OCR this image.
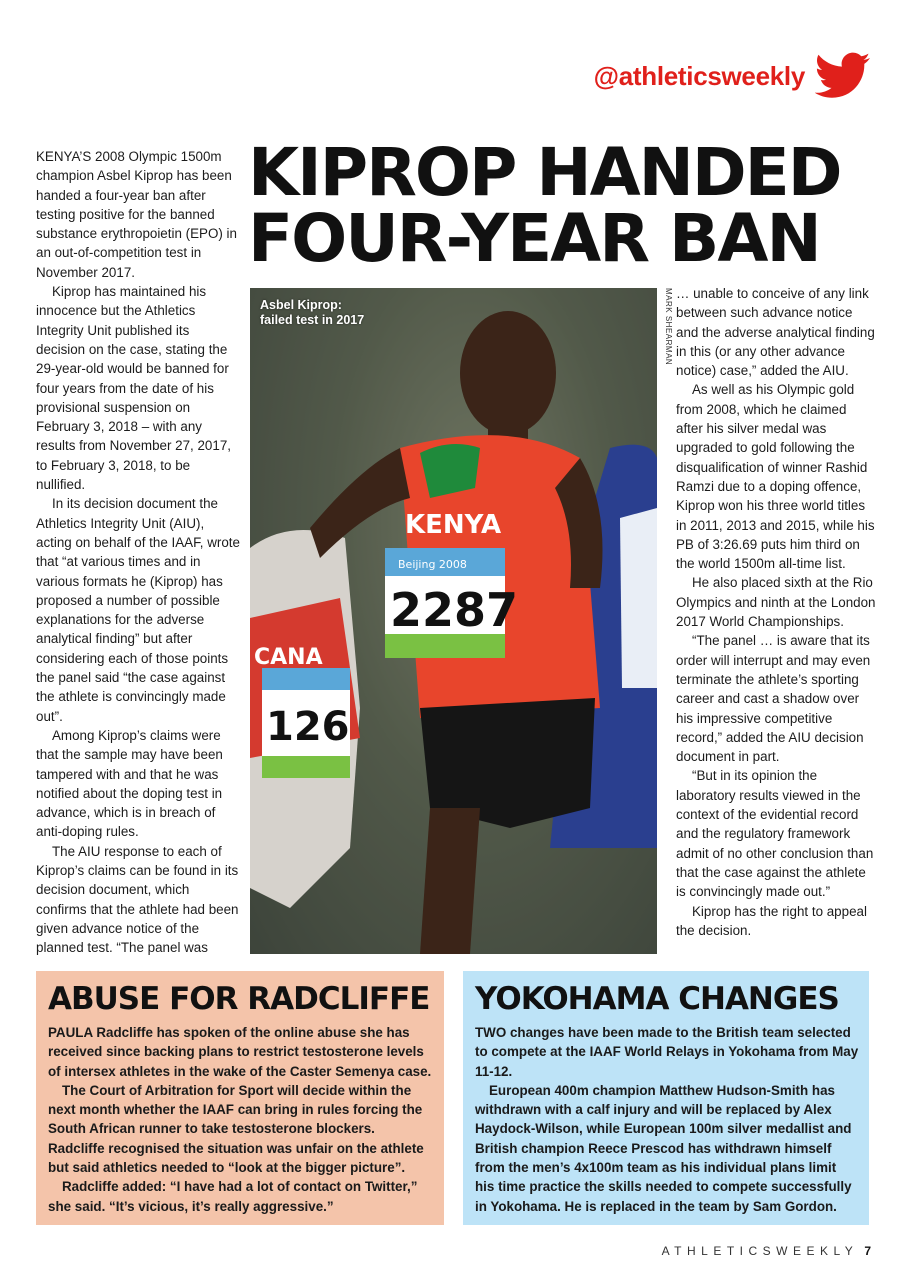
@athleticsweekly
KIPROP HANDED
FOUR-YEAR BAN

KENYA’S 2008 Olympic 1500m champion Asbel Kiprop has been handed a four-year ban after testing positive for the banned substance erythropoietin (EPO) in an out-of-competition test in November 2017.

Kiprop has maintained his innocence but the Athletics Integrity Unit published its decision on the case, stating the 29-year-old would be banned for four years from the date of his provisional suspension on February 3, 2018 – with any results from November 27, 2017, to February 3, 2018, to be nullified.

In its decision document the Athletics Integrity Unit (AIU), acting on behalf of the IAAF, wrote that “at various times and in various formats he (Kiprop) has proposed a number of possible explanations for the adverse analytical finding” but after considering each of those points the panel said “the case against the athlete is convincingly made out”.

Among Kiprop’s claims were that the sample may have been tampered with and that he was notified about the doping test in advance, which is in breach of anti-doping rules.

The AIU response to each of Kiprop’s claims can be found in its decision document, which confirms that the athlete had been given advance notice of the planned test. “The panel was

KENYA
Beijing 2008
2287
CANA
126
Asbel Kiprop:
failed test in 2017	MARK SHEARMAN … unable to conceive of any link between such advance notice and the adverse analytical finding in this (or any other advance notice) case,” added the AIU.

As well as his Olympic gold from 2008, which he claimed after his silver medal was upgraded to gold following the disqualification of winner Rashid Ramzi due to a doping offence, Kiprop won his three world titles in 2011, 2013 and 2015, while his PB of 3:26.69 puts him third on the world 1500m all-time list.

He also placed sixth at the Rio Olympics and ninth at the London 2017 World Championships.

“The panel … is aware that its order will interrupt and may even terminate the athlete’s sporting career and cast a shadow over his impressive competitive record,” added the AIU decision document in part.

“But in its opinion the laboratory results viewed in the context of the evidential record and the regulatory framework admit of no other conclusion than that the case against the athlete is convincingly made out.”

Kiprop has the right to appeal the decision.

ABUSE FOR RADCLIFFE

PAULA Radcliffe has spoken of the online abuse she has received since backing plans to restrict testosterone levels of intersex athletes in the wake of the Caster Semenya case.

The Court of Arbitration for Sport will decide within the next month whether the IAAF can bring in rules forcing the South African runner to take testosterone blockers. Radcliffe recognised the situation was unfair on the athlete but said athletics needed to “look at the bigger picture”.

Radcliffe added: “I have had a lot of contact on Twitter,” she said. “It’s vicious, it’s really aggressive.”

YOKOHAMA CHANGES

TWO changes have been made to the British team selected to compete at the IAAF World Relays in Yokohama from May 11-12.

European 400m champion Matthew Hudson-Smith has withdrawn with a calf injury and will be replaced by Alex Haydock-Wilson, while European 100m silver medallist and British champion Reece Prescod has withdrawn himself from the men’s 4x100m team as his individual plans limit his time practice the skills needed to compete successfully in Yokohama. He is replaced in the team by Sam Gordon.

ATHLETICSWEEKLY 7
